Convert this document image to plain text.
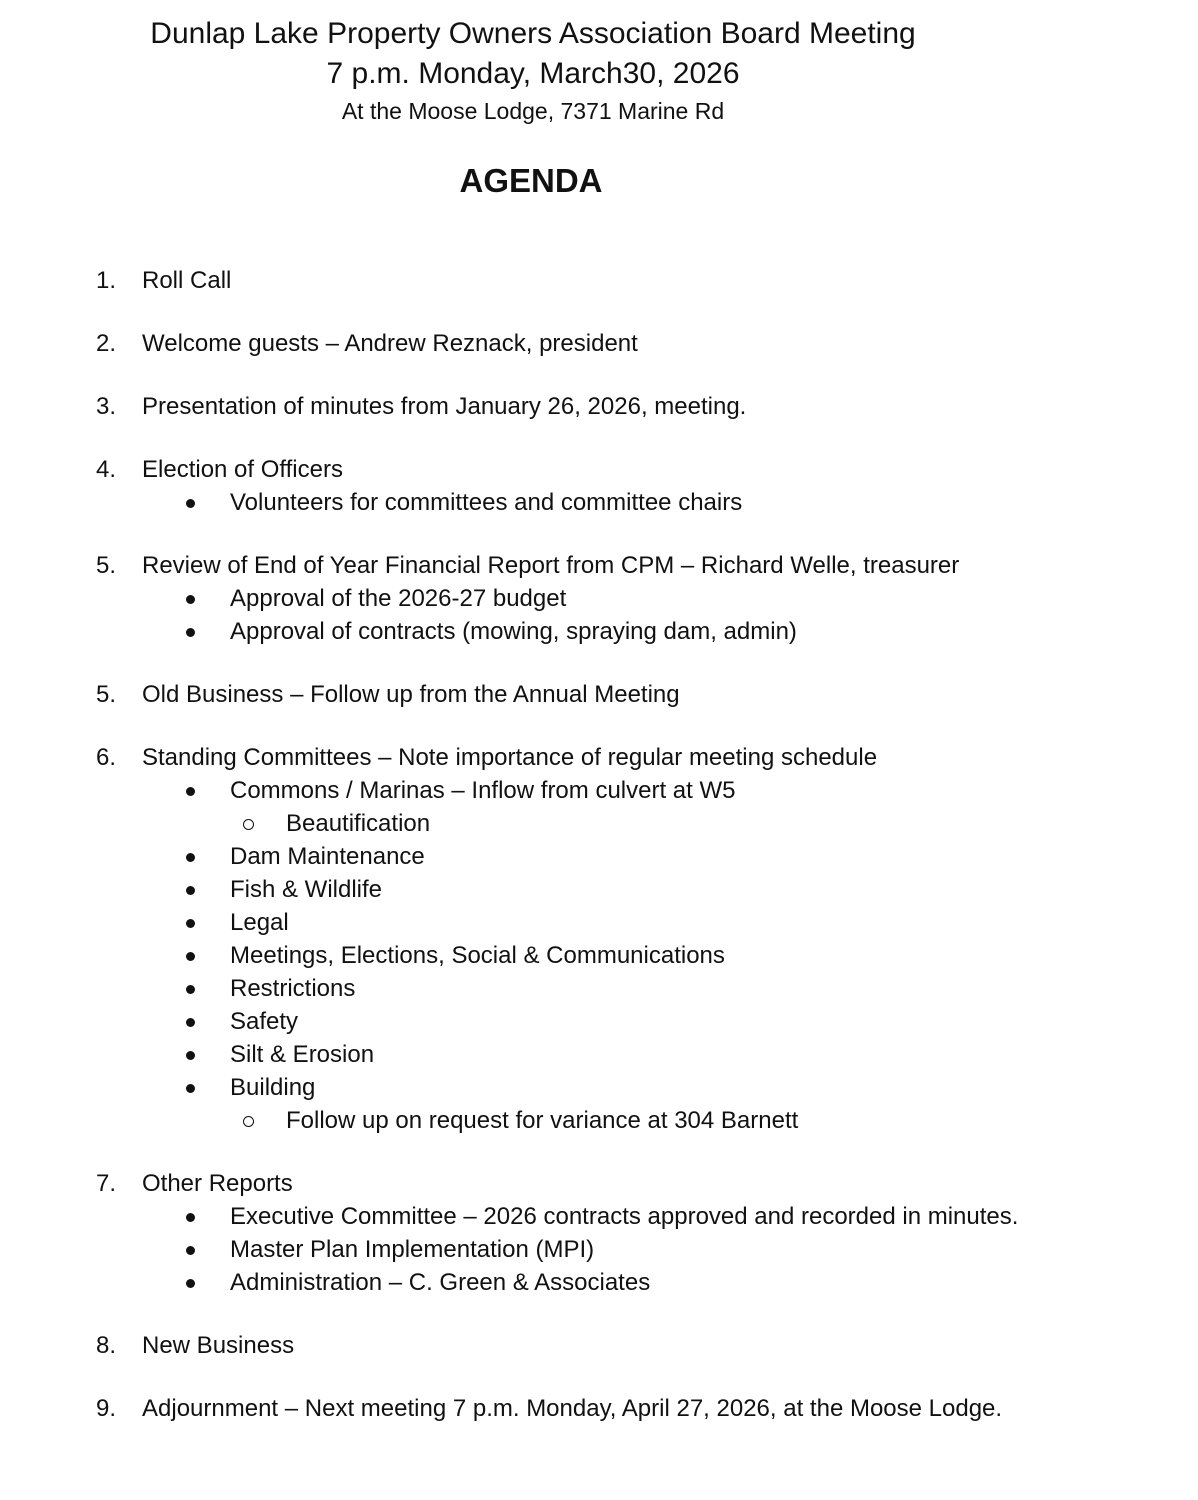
Dunlap Lake Property Owners Association Board Meeting
7 p.m. Monday, March30, 2026
At the Moose Lodge, 7371 Marine Rd
AGENDA
1. Roll Call
2. Welcome guests – Andrew Reznack, president
3. Presentation of minutes from January 26, 2026, meeting.
4. Election of Officers
Volunteers for committees and committee chairs
5. Review of End of Year Financial Report from CPM – Richard Welle, treasurer
Approval of the 2026-27 budget
Approval of contracts (mowing, spraying dam, admin)
5. Old Business – Follow up from the Annual Meeting
6. Standing Committees – Note importance of regular meeting schedule
Commons / Marinas – Inflow from culvert at W5
Beautification
Dam Maintenance
Fish & Wildlife
Legal
Meetings, Elections, Social & Communications
Restrictions
Safety
Silt & Erosion
Building
Follow up on request for variance at 304 Barnett
7. Other Reports
Executive Committee – 2026 contracts approved and recorded in minutes.
Master Plan Implementation (MPI)
Administration – C. Green & Associates
8. New Business
9. Adjournment – Next meeting 7 p.m. Monday, April 27, 2026, at the Moose Lodge.
